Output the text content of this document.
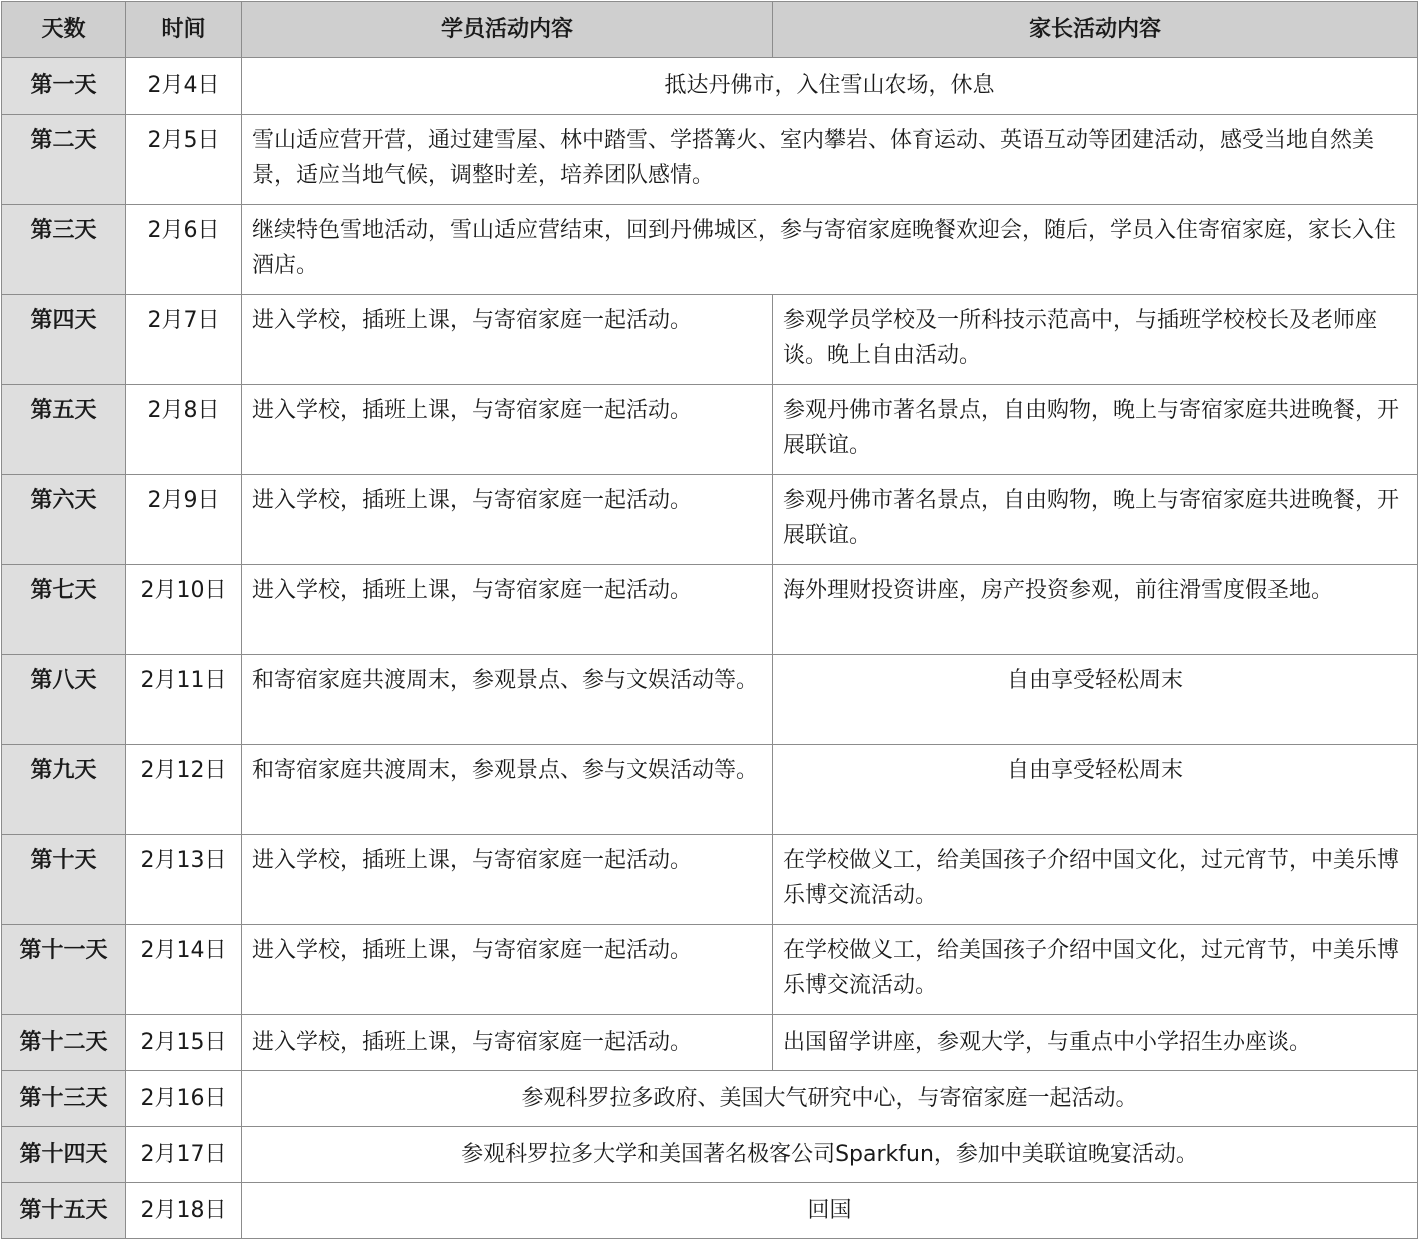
天数	时间	学员活动内容	家长活动内容
第一天	2月4日	抵达丹佛市，入住雪山农场，休息	
第二天	2月5日	雪山适应营开营，通过建雪屋、林中踏雪、学搭篝火、室内攀岩、体育运动、英语互动等团建活动，感受当地自然美景，适应当地气候，调整时差，培养团队感情。	
第三天	2月6日	继续特色雪地活动，雪山适应营结束，回到丹佛城区，参与寄宿家庭晚餐欢迎会，随后，学员入住寄宿家庭，家长入住酒店。	
第四天	2月7日	进入学校，插班上课，与寄宿家庭一起活动。	参观学员学校及一所科技示范高中，与插班学校校长及老师座谈。晚上自由活动。
第五天	2月8日	进入学校，插班上课，与寄宿家庭一起活动。	参观丹佛市著名景点，自由购物，晚上与寄宿家庭共进晚餐，开展联谊。
第六天	2月9日	进入学校，插班上课，与寄宿家庭一起活动。	参观丹佛市著名景点，自由购物，晚上与寄宿家庭共进晚餐，开展联谊。
第七天	2月10日	进入学校，插班上课，与寄宿家庭一起活动。	海外理财投资讲座，房产投资参观，前往滑雪度假圣地。
第八天	2月11日	和寄宿家庭共渡周末，参观景点、参与文娱活动等。	自由享受轻松周末
第九天	2月12日	和寄宿家庭共渡周末，参观景点、参与文娱活动等。	自由享受轻松周末
第十天	2月13日	进入学校，插班上课，与寄宿家庭一起活动。	在学校做义工，给美国孩子介绍中国文化，过元宵节，中美乐博乐博交流活动。
第十一天	2月14日	进入学校，插班上课，与寄宿家庭一起活动。	在学校做义工，给美国孩子介绍中国文化，过元宵节，中美乐博乐博交流活动。
第十二天	2月15日	进入学校，插班上课，与寄宿家庭一起活动。	出国留学讲座，参观大学，与重点中小学招生办座谈。
第十三天	2月16日	参观科罗拉多政府、美国大气研究中心，与寄宿家庭一起活动。	
第十四天	2月17日	参观科罗拉多大学和美国著名极客公司Sparkfun，参加中美联谊晚宴活动。	
第十五天	2月18日	回国	
